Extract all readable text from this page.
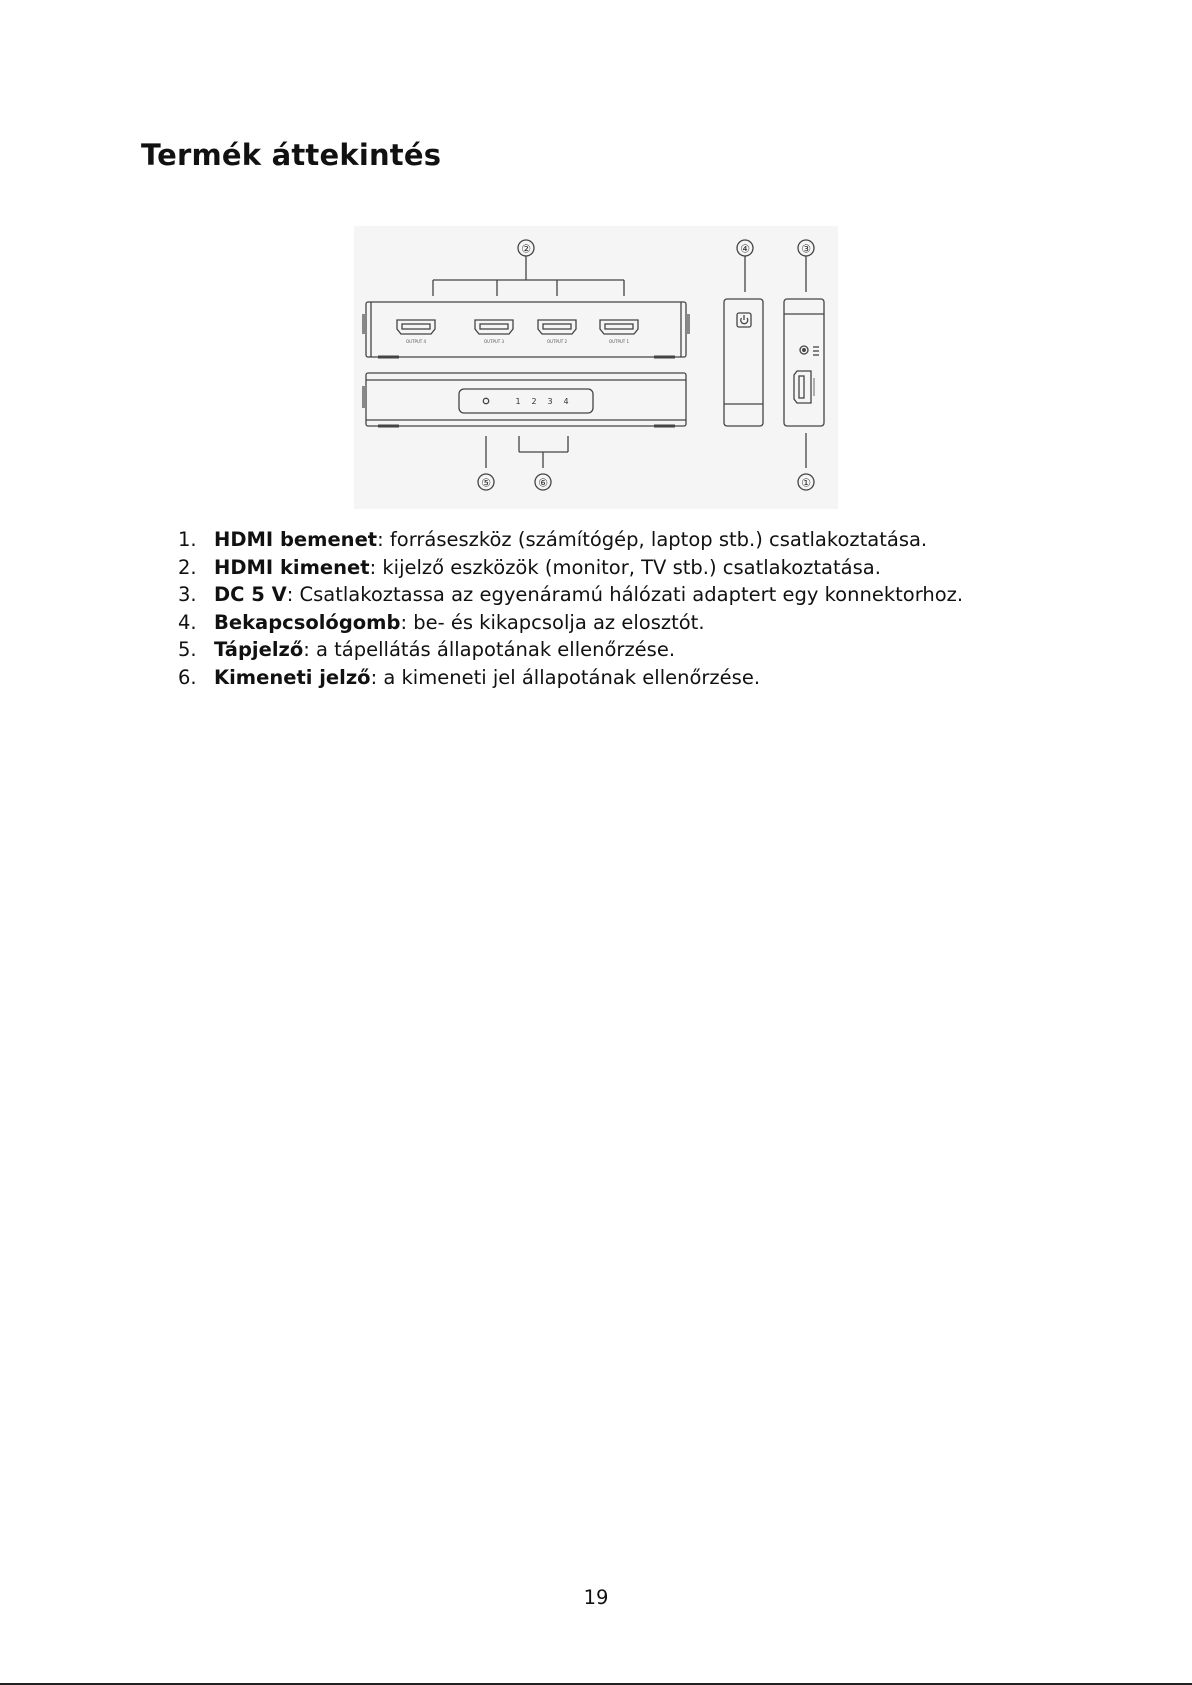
Termék áttekintés
②
OUTPUT 4	OUTPUT 3	OUTPUT 2	OUTPUT 1
1 2 3 4
⑤	⑥
④	③
①
1. HDMI bemenet: forráseszköz (számítógép, laptop stb.) csatlakoztatása.
2. HDMI kimenet: kijelző eszközök (monitor, TV stb.) csatlakoztatása.
3. DC 5 V: Csatlakoztassa az egyenáramú hálózati adaptert egy konnektorhoz.
4. Bekapcsológomb: be- és kikapcsolja az elosztót.
5. Tápjelző: a tápellátás állapotának ellenőrzése.
6. Kimeneti jelző: a kimeneti jel állapotának ellenőrzése.
19
